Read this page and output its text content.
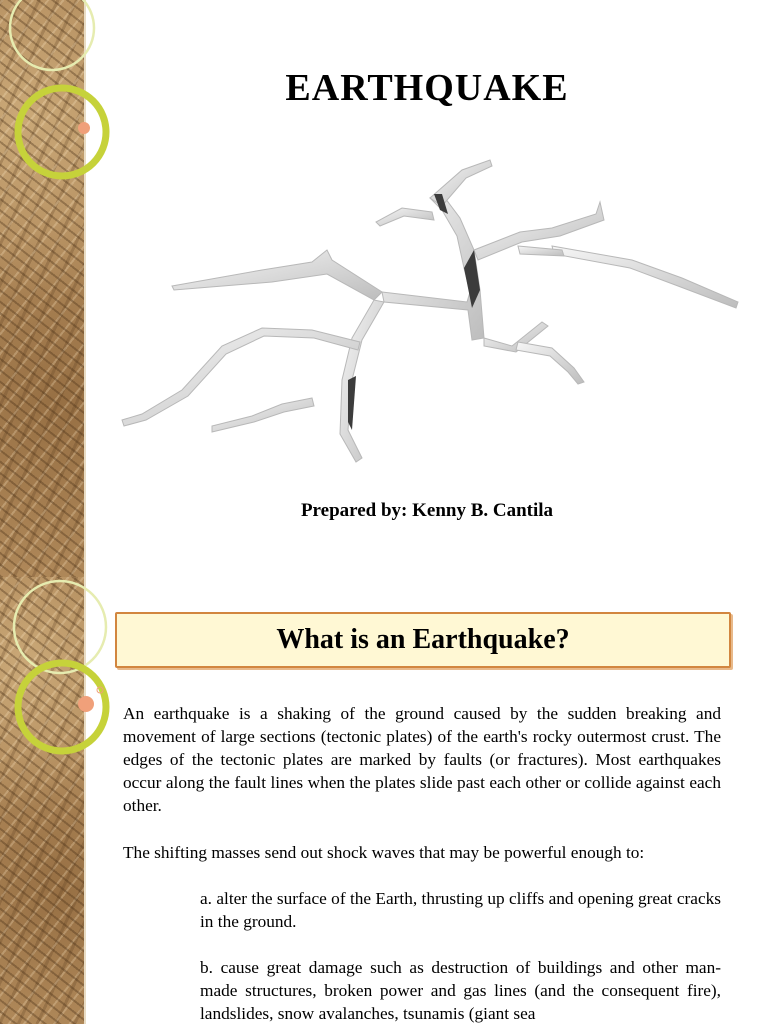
EARTHQUAKE
Prepared by: Kenny B. Cantila
What is an Earthquake?
An earthquake is a shaking of the ground caused by the sudden breaking and movement of large sections (tectonic plates) of the earth's rocky outermost crust. The edges of the tectonic plates are marked by faults (or fractures). Most earthquakes occur along the fault lines when the plates slide past each other or collide against each other.
The shifting masses send out shock waves that may be powerful enough to:
a. alter the surface of the Earth, thrusting up cliffs and opening great cracks in the ground.
b. cause great damage such as destruction of buildings and other man-made structures, broken power and gas lines (and the consequent fire), landslides, snow avalanches, tsunamis (giant sea
